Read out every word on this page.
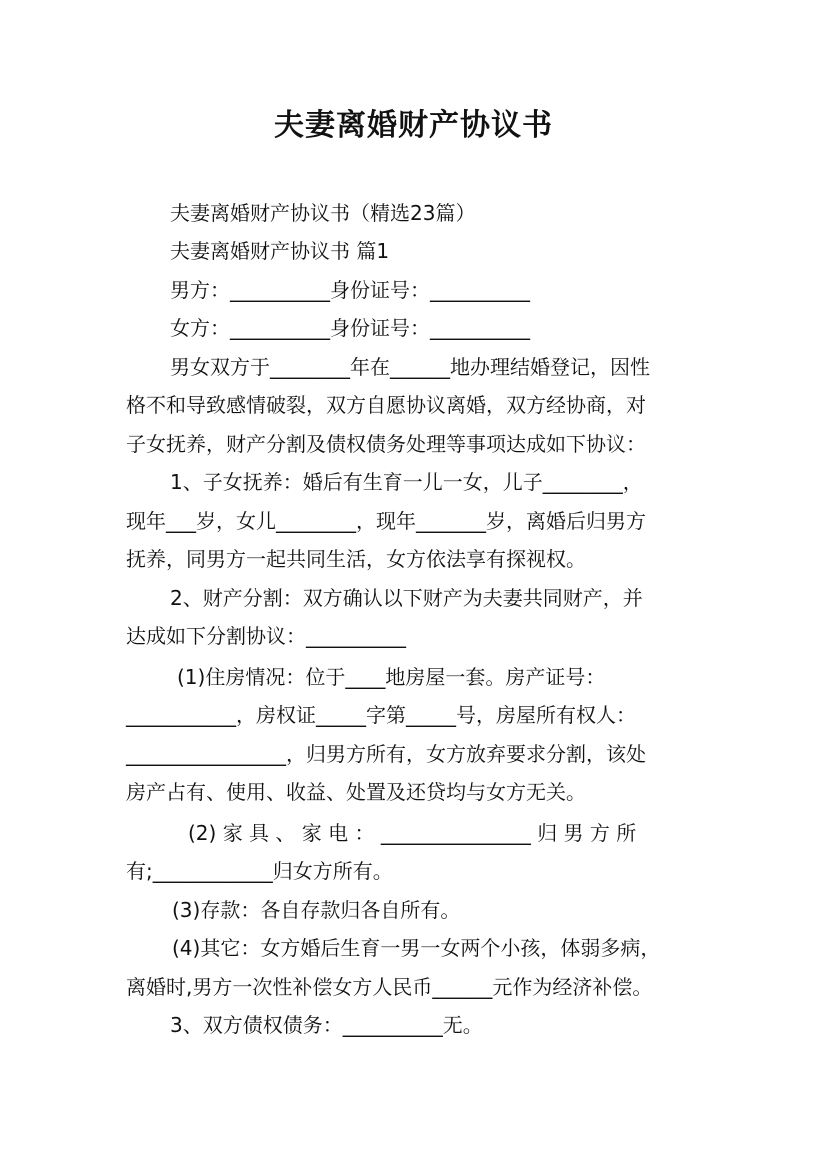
夫妻离婚财产协议书
夫妻离婚财产协议书（精选23篇）
夫妻离婚财产协议书 篇1
男方：__________身份证号：__________
女方：__________身份证号：__________
男女双方于________年在______地办理结婚登记，因性
格不和导致感情破裂，双方自愿协议离婚，双方经协商，对
子女抚养，财产分割及债权债务处理等事项达成如下协议：
1、子女抚养：婚后有生育一儿一女，儿子________，
现年___岁，女儿________，现年_______岁，离婚后归男方
抚养，同男方一起共同生活，女方依法享有探视权。
2、财产分割：双方确认以下财产为夫妻共同财产，并
达成如下分割协议：__________
(1)住房情况：位于____地房屋一套。房产证号：
___________，房权证_____字第_____号，房屋所有权人：
________________，归男方所有，女方放弃要求分割，该处
房产占有、使用、收益、处置及还贷均与女方无关。
(2) 家 具 、 家 电 ： _______________ 归 男 方 所
有;____________归女方所有。
(3)存款：各自存款归各自所有。
(4)其它：女方婚后生育一男一女两个小孩，体弱多病，
离婚时,男方一次性补偿女方人民币______元作为经济补偿。
3、双方债权债务：__________无。
